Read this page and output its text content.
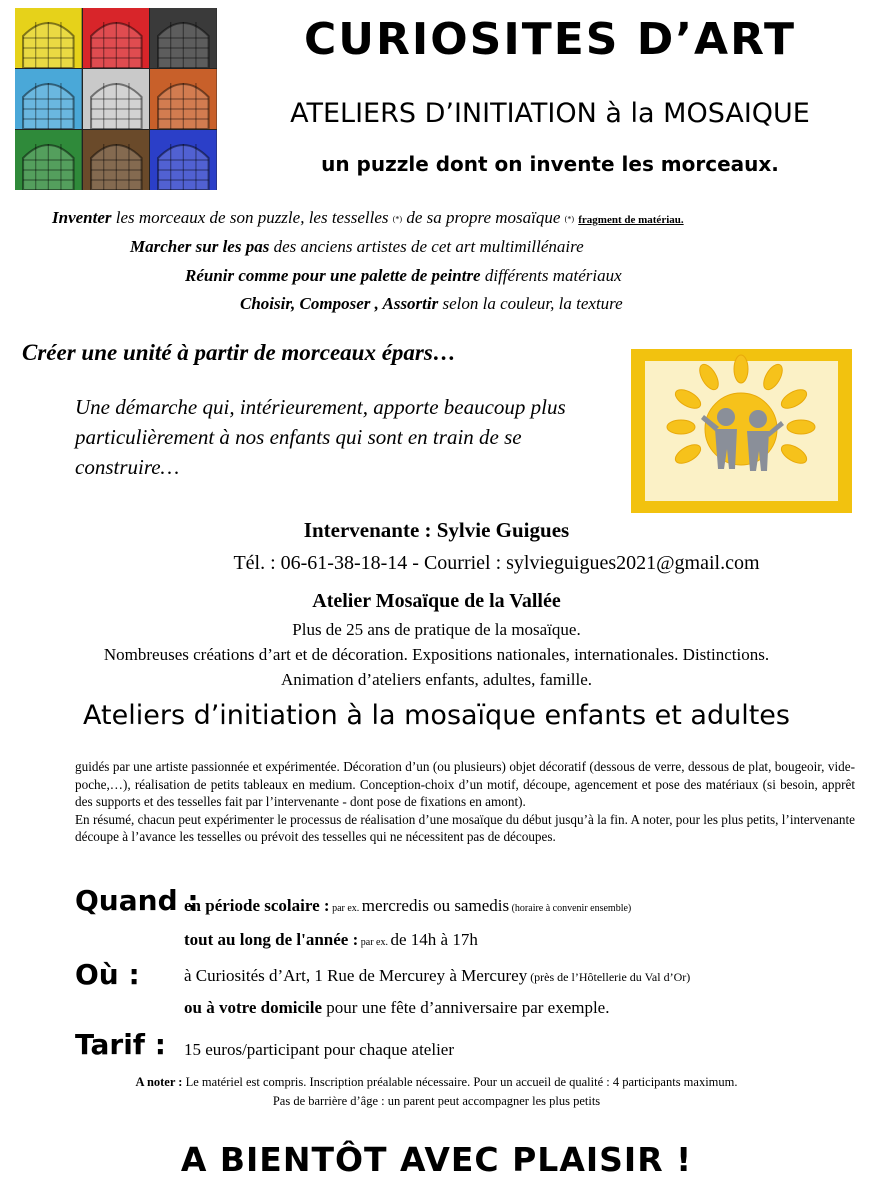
CURIOSITES D’ART
ATELIERS D’INITIATION à la MOSAIQUE
un puzzle dont on invente les morceaux.
Inventer les morceaux de son puzzle, les tesselles (*) de sa propre mosaïque (*) fragment de matériau.
Marcher sur les pas des anciens artistes de cet art multimillénaire
Réunir comme pour une palette de peintre différents matériaux
Choisir, Composer , Assortir selon la couleur, la texture
Créer une unité à partir de morceaux épars…
Une démarche qui, intérieurement, apporte beaucoup plus particulièrement à nos enfants qui sont en train de se construire…
Intervenante : Sylvie Guigues
Tél. : 06-61-38-18-14 - Courriel : sylvieguigues2021@gmail.com
Atelier Mosaïque de la Vallée
Plus de 25 ans de pratique de la mosaïque.
Nombreuses créations d’art et de décoration. Expositions nationales, internationales. Distinctions.
Animation d’ateliers enfants, adultes, famille.
Ateliers d’initiation à la mosaïque enfants et adultes

guidés par une artiste passionnée et expérimentée. Décoration d’un (ou plusieurs) objet décoratif (dessous de verre, dessous de plat, bougeoir, vide-poche,…), réalisation de petits tableaux en medium. Conception-choix d’un motif, découpe, agencement et pose des matériaux (si besoin, apprêt des supports et des tesselles fait par l’intervenante - dont pose de fixations en amont).

En résumé, chacun peut expérimenter le processus de réalisation d’une mosaïque du début jusqu’à la fin. A noter, pour les plus petits, l’intervenante découpe à l’avance les tesselles ou prévoit des tesselles qui ne nécessitent pas de découpes.

Quand :
en période scolaire : par ex. mercredis ou samedis (horaire à convenir ensemble)
tout au long de l'année : par ex. de 14h à 17h
Où :	à Curiosités d’Art, 1 Rue de Mercurey à Mercurey (près de l’Hôtellerie du Val d’Or)
ou à votre domicile pour une fête d’anniversaire par exemple.
Tarif : 15 euros/participant pour chaque atelier
A noter : Le matériel est compris. Inscription préalable nécessaire. Pour un accueil de qualité : 4 participants maximum.
Pas de barrière d’âge : un parent peut accompagner les plus petits
A BIENTÔT AVEC PLAISIR !
